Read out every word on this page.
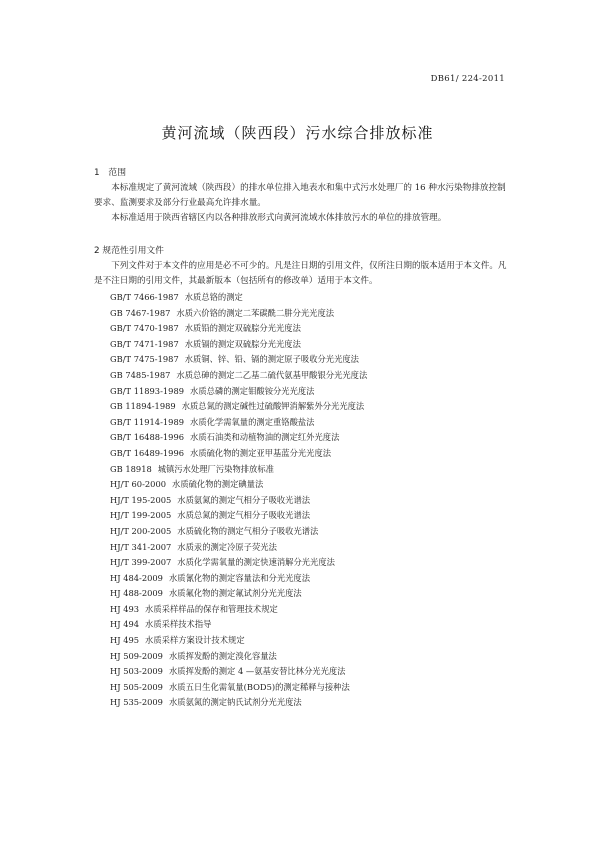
DB61/ 224-2011
黄河流域（陕西段）污水综合排放标准
1　范围

本标准规定了黄河流域（陕西段）的排水单位排入地表水和集中式污水处理厂的 16 种水污染物排放控制要求、监测要求及部分行业最高允许排水量。

本标准适用于陕西省辖区内以各种排放形式向黄河流域水体排放污水的单位的排放管理。

2 规范性引用文件

下列文件对于本文件的应用是必不可少的。凡是注日期的引用文件，仅所注日期的版本适用于本文件。凡是不注日期的引用文件，其最新版本（包括所有的修改单）适用于本文件。

GB/T 7466-1987 水质总铬的测定
GB 7467-1987 水质六价铬的测定二苯碳酰二肼分光光度法
GB/T 7470-1987 水质铅的测定双硫腙分光光度法
GB/T 7471-1987 水质镉的测定双硫腙分光光度法
GB/T 7475-1987 水质铜、锌、铅、镉的测定原子吸收分光光度法
GB 7485-1987 水质总砷的测定二乙基二硫代氨基甲酸银分光光度法
GB/T 11893-1989 水质总磷的测定钼酸铵分光光度法
GB 11894-1989 水质总氮的测定碱性过硫酸钾消解紫外分光光度法
GB/T 11914-1989 水质化学需氧量的测定重铬酸盐法
GB/T 16488-1996 水质石油类和动植物油的测定红外光度法
GB/T 16489-1996 水质硫化物的测定亚甲基蓝分光光度法
GB 18918 城镇污水处理厂污染物排放标准
HJ/T 60-2000 水质硫化物的测定碘量法
HJ/T 195-2005 水质氨氮的测定气相分子吸收光谱法
HJ/T 199-2005 水质总氮的测定气相分子吸收光谱法
HJ/T 200-2005 水质硫化物的测定气相分子吸收光谱法
HJ/T 341-2007 水质汞的测定冷原子荧光法
HJ/T 399-2007 水质化学需氧量的测定快速消解分光光度法
HJ 484-2009 水质氰化物的测定容量法和分光光度法
HJ 488-2009 水质氟化物的测定氟试剂分光光度法
HJ 493 水质采样样品的保存和管理技术规定
HJ 494 水质采样技术指导
HJ 495 水质采样方案设计技术规定
HJ 509-2009 水质挥发酚的测定溴化容量法
HJ 503-2009 水质挥发酚的测定 4 —氨基安替比林分光光度法
HJ 505-2009 水质五日生化需氧量(BOD5)的测定稀释与接种法
HJ 535-2009 水质氨氮的测定钠氏试剂分光光度法
